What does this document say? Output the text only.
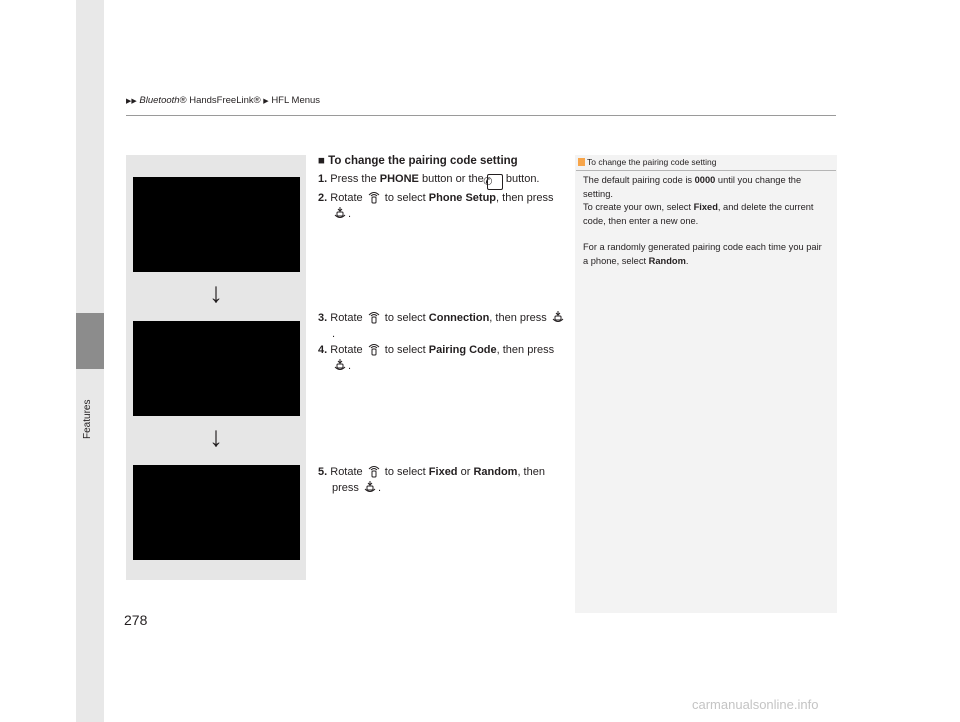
Features
▶▶ Bluetooth® HandsFreeLink® ▶ HFL Menus
↓
↓
■ To change the pairing code setting
1. Press the PHONE button or the ✆ button.
2. Rotate  to select Phone Setup, then press .
3. Rotate  to select Connection, then press .
4. Rotate  to select Pairing Code, then press .
5. Rotate  to select Fixed or Random, then press .
To change the pairing code setting

The default pairing code is 0000 until you change the setting.

To create your own, select Fixed, and delete the current code, then enter a new one.

For a randomly generated pairing code each time you pair a phone, select Random.

278
carmanualsonline.info
